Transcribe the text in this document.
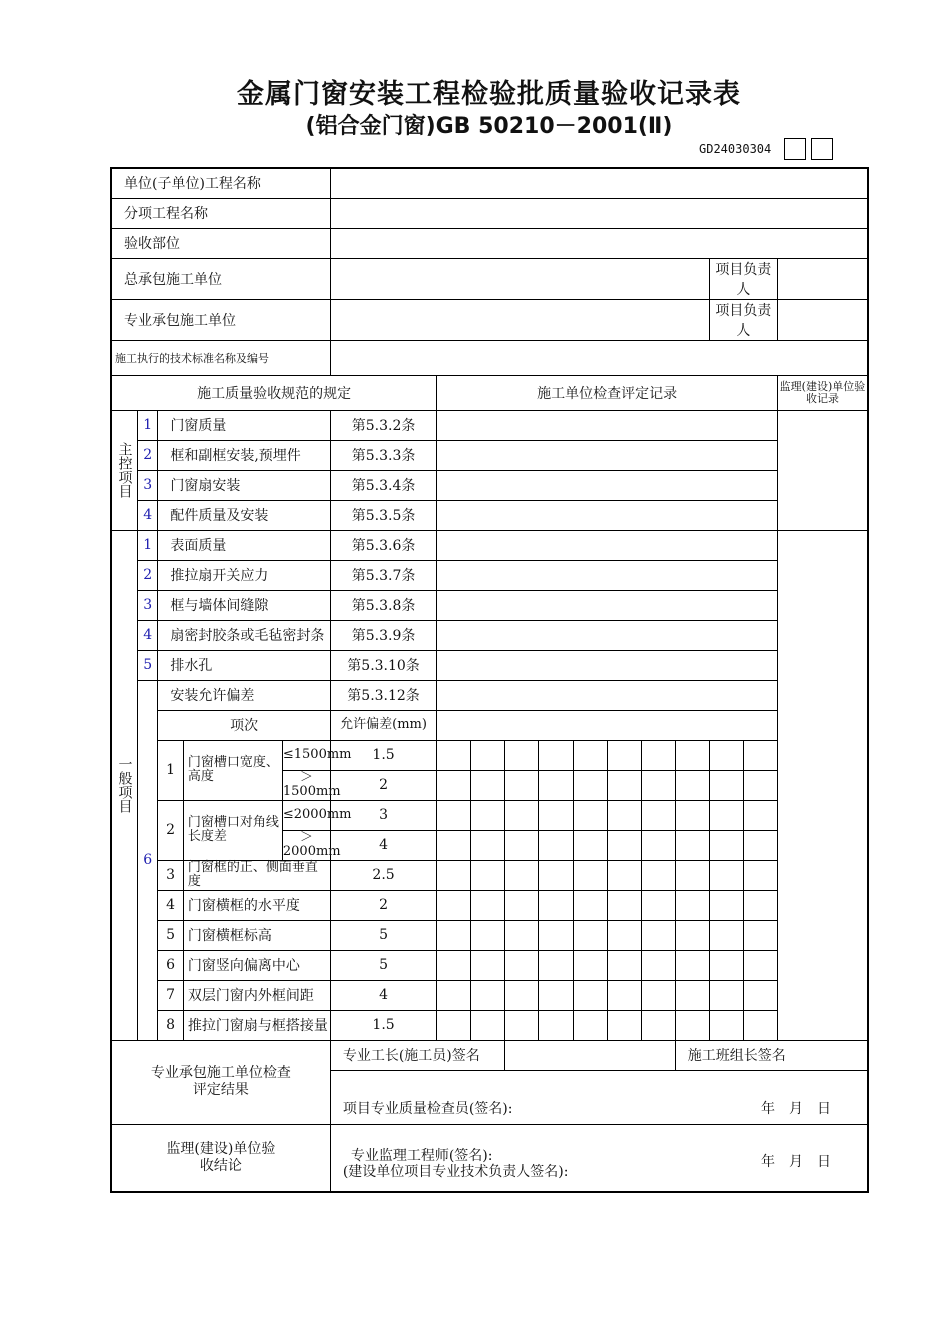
金属门窗安装工程检验批质量验收记录表
(铝合金门窗)GB 50210－2001(Ⅱ)
GD24030304
单位(子单位)工程名称																
分项工程名称																
验收部位																
总承包施工单位														项目负责人		
专业承包施工单位														项目负责人		
施工执行的技术标准名称及编号																
施工质量验收规范的规定						施工单位检查评定记录										监理(建设)单位验收记录

主控项目	1	门窗质量			第5.3.2条											
	2	框和副框安装,预埋件			第5.3.3条											
	3	门窗扇安装			第5.3.4条											
	4	配件质量及安装			第5.3.5条											

一般项目	1	表面质量			第5.3.6条											
	2	推拉扇开关应力			第5.3.7条											
	3	框与墙体间缝隙			第5.3.8条											
	4	扇密封胶条或毛毡密封条			第5.3.9条											
	5	排水孔			第5.3.10条											
	6	安装允许偏差			第5.3.12条											
		项次			允许偏差(mm)											
		1	门窗槽口宽度、高度	≤1500mm	1.5											
				＞1500mm	2											
		2	门窗槽口对角线长度差	≤2000mm	3											
				＞2000mm	4											
		3	门窗框的正、侧面垂直度		2.5											
		4	门窗横框的水平度		2											
		5	门窗横框标高		5											
		6	门窗竖向偏离中心		5											
		7	双层门窗内外框间距		4											
		8	推拉门窗扇与框搭接量		1.5											

专业承包施工单位检查评定结果					专业工长(施工员)签名								施工班组长签名			

					项目专业质量检查员(签名): 年　月　日											

监理(建设)单位验收结论					专业监理工程师(签名):
(建设单位项目专业技术负责人签名):
年　月　日											
